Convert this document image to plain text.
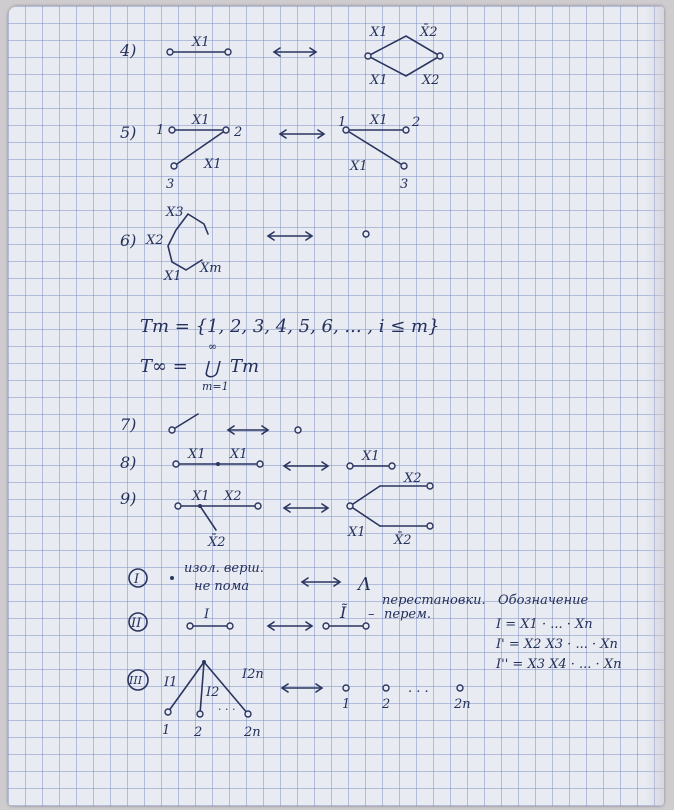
4)	X1
X1 X̄2
X1	X2
5) 1	2
3
X1
X1
1	2
3
X1
X1
6)
X3
X2
X1
Xm
Tm = {1, 2, 3, 4, 5, 6, ... , i ≤ m}
T∞ = ⋃
∞
m=1
Tm
7)
8)	X1 X1	X1
9)	X1 X2
X̄2
X2
X1
X̄2
I
изол. верш.
не пома	Λ
II
I	Ĩ –
перестановки.
перем.
Обозначение
I = X1 · ... · Xn
I' = X2 X3 · ... · Xn
I'' = X3 X4 · ... · Xn
III
. . .
I1
I2
I2n
1 2	2n
1 2
. . .
2n
